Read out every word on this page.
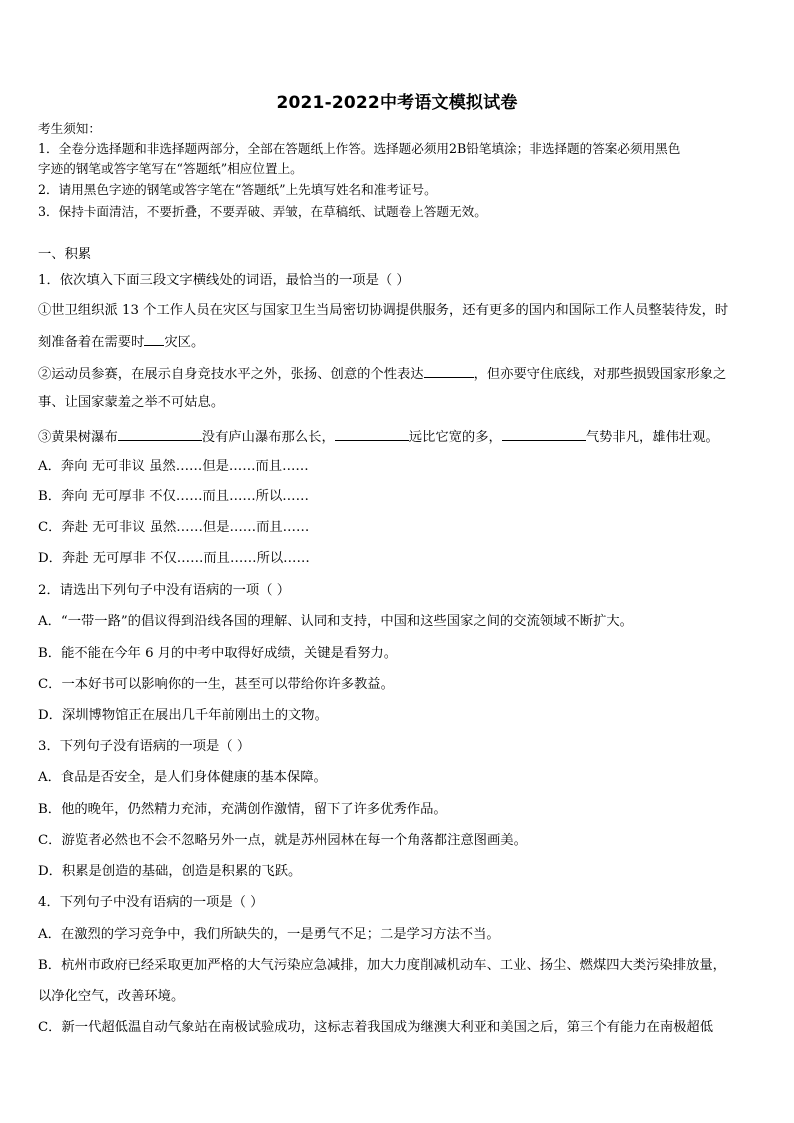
2021-2022中考语文模拟试卷
考生须知：
1．全卷分选择题和非选择题两部分，全部在答题纸上作答。选择题必须用2B铅笔填涂；非选择题的答案必须用黑色
字迹的钢笔或答字笔写在“答题纸”相应位置上。
2．请用黑色字迹的钢笔或答字笔在“答题纸”上先填写姓名和准考证号。
3．保持卡面清洁，不要折叠，不要弄破、弄皱，在草稿纸、试题卷上答题无效。
一、积累
1．依次填入下面三段文字横线处的词语，最恰当的一项是（ ）
①世卫组织派 13 个工作人员在灾区与国家卫生当局密切协调提供服务，还有更多的国内和国际工作人员整装待发，时
刻准备着在需要时 灾区。
②运动员参赛，在展示自身竞技水平之外，张扬、创意的个性表达	，但亦要守住底线，对那些损毁国家形象之
事、让国家蒙羞之举不可姑息。
③黄果树瀑布	没有庐山瀑布那么长，	远比它宽的多，	气势非凡，雄伟壮观。
A．奔向 无可非议 虽然……但是……而且……
B．奔向 无可厚非 不仅……而且……所以……
C．奔赴 无可非议 虽然……但是……而且……
D．奔赴 无可厚非 不仅……而且……所以……
2．请选出下列句子中没有语病的一项（ ）
A．“一带一路”的倡议得到沿线各国的理解、认同和支持，中国和这些国家之间的交流领域不断扩大。
B．能不能在今年 6 月的中考中取得好成绩，关键是看努力。
C．一本好书可以影响你的一生，甚至可以带给你许多教益。
D．深圳博物馆正在展出几千年前刚出土的文物。
3．下列句子没有语病的一项是（ ）
A．食品是否安全，是人们身体健康的基本保障。
B．他的晚年，仍然精力充沛，充满创作激情，留下了许多优秀作品。
C．游览者必然也不会不忽略另外一点，就是苏州园林在每一个角落都注意图画美。
D．积累是创造的基础，创造是积累的飞跃。
4．下列句子中没有语病的一项是（ ）
A．在激烈的学习竞争中，我们所缺失的，一是勇气不足；二是学习方法不当。
B．杭州市政府已经采取更加严格的大气污染应急减排，加大力度削减机动车、工业、扬尘、燃煤四大类污染排放量，
以净化空气，改善环境。
C．新一代超低温自动气象站在南极试验成功，这标志着我国成为继澳大利亚和美国之后，第三个有能力在南极超低
